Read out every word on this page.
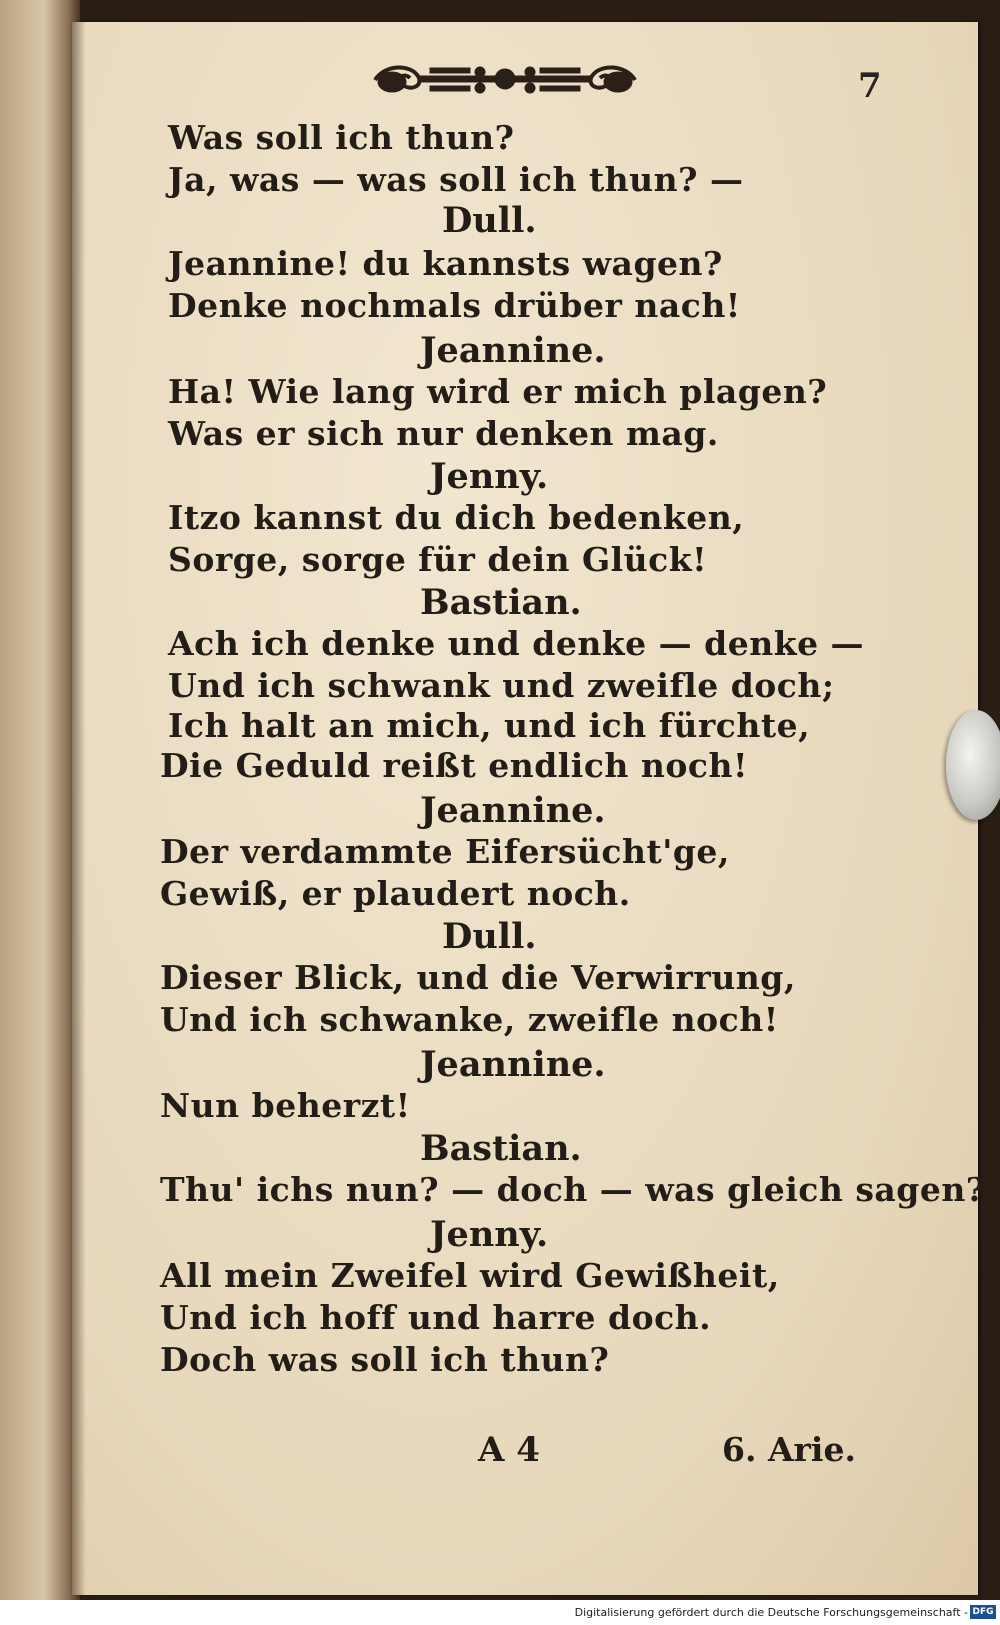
7
Was soll ich thun?
Ja, was — was soll ich thun? —
Dull.
Jeannine! du kannsts wagen?
Denke nochmals drüber nach!
Jeannine.
Ha! Wie lang wird er mich plagen?
Was er sich nur denken mag.
Jenny.
Itzo kannst du dich bedenken,
Sorge, sorge für dein Glück!
Bastian.
Ach ich denke und denke — denke —
Und ich schwank und zweifle doch;
Ich halt an mich, und ich fürchte,
Die Geduld reißt endlich noch!
Jeannine.
Der verdammte Eifersücht'ge,
Gewiß, er plaudert noch.
Dull.
Dieser Blick, und die Verwirrung,
Und ich schwanke, zweifle noch!
Jeannine.
Nun beherzt!
Bastian.
Thu' ichs nun? — doch — was gleich sagen?
Jenny.
All mein Zweifel wird Gewißheit,
Und ich hoff und harre doch.
Doch was soll ich thun?
A 4	6. Arie.
Digitalisierung gefördert durch die Deutsche Forschungsgemeinschaft - DFG
